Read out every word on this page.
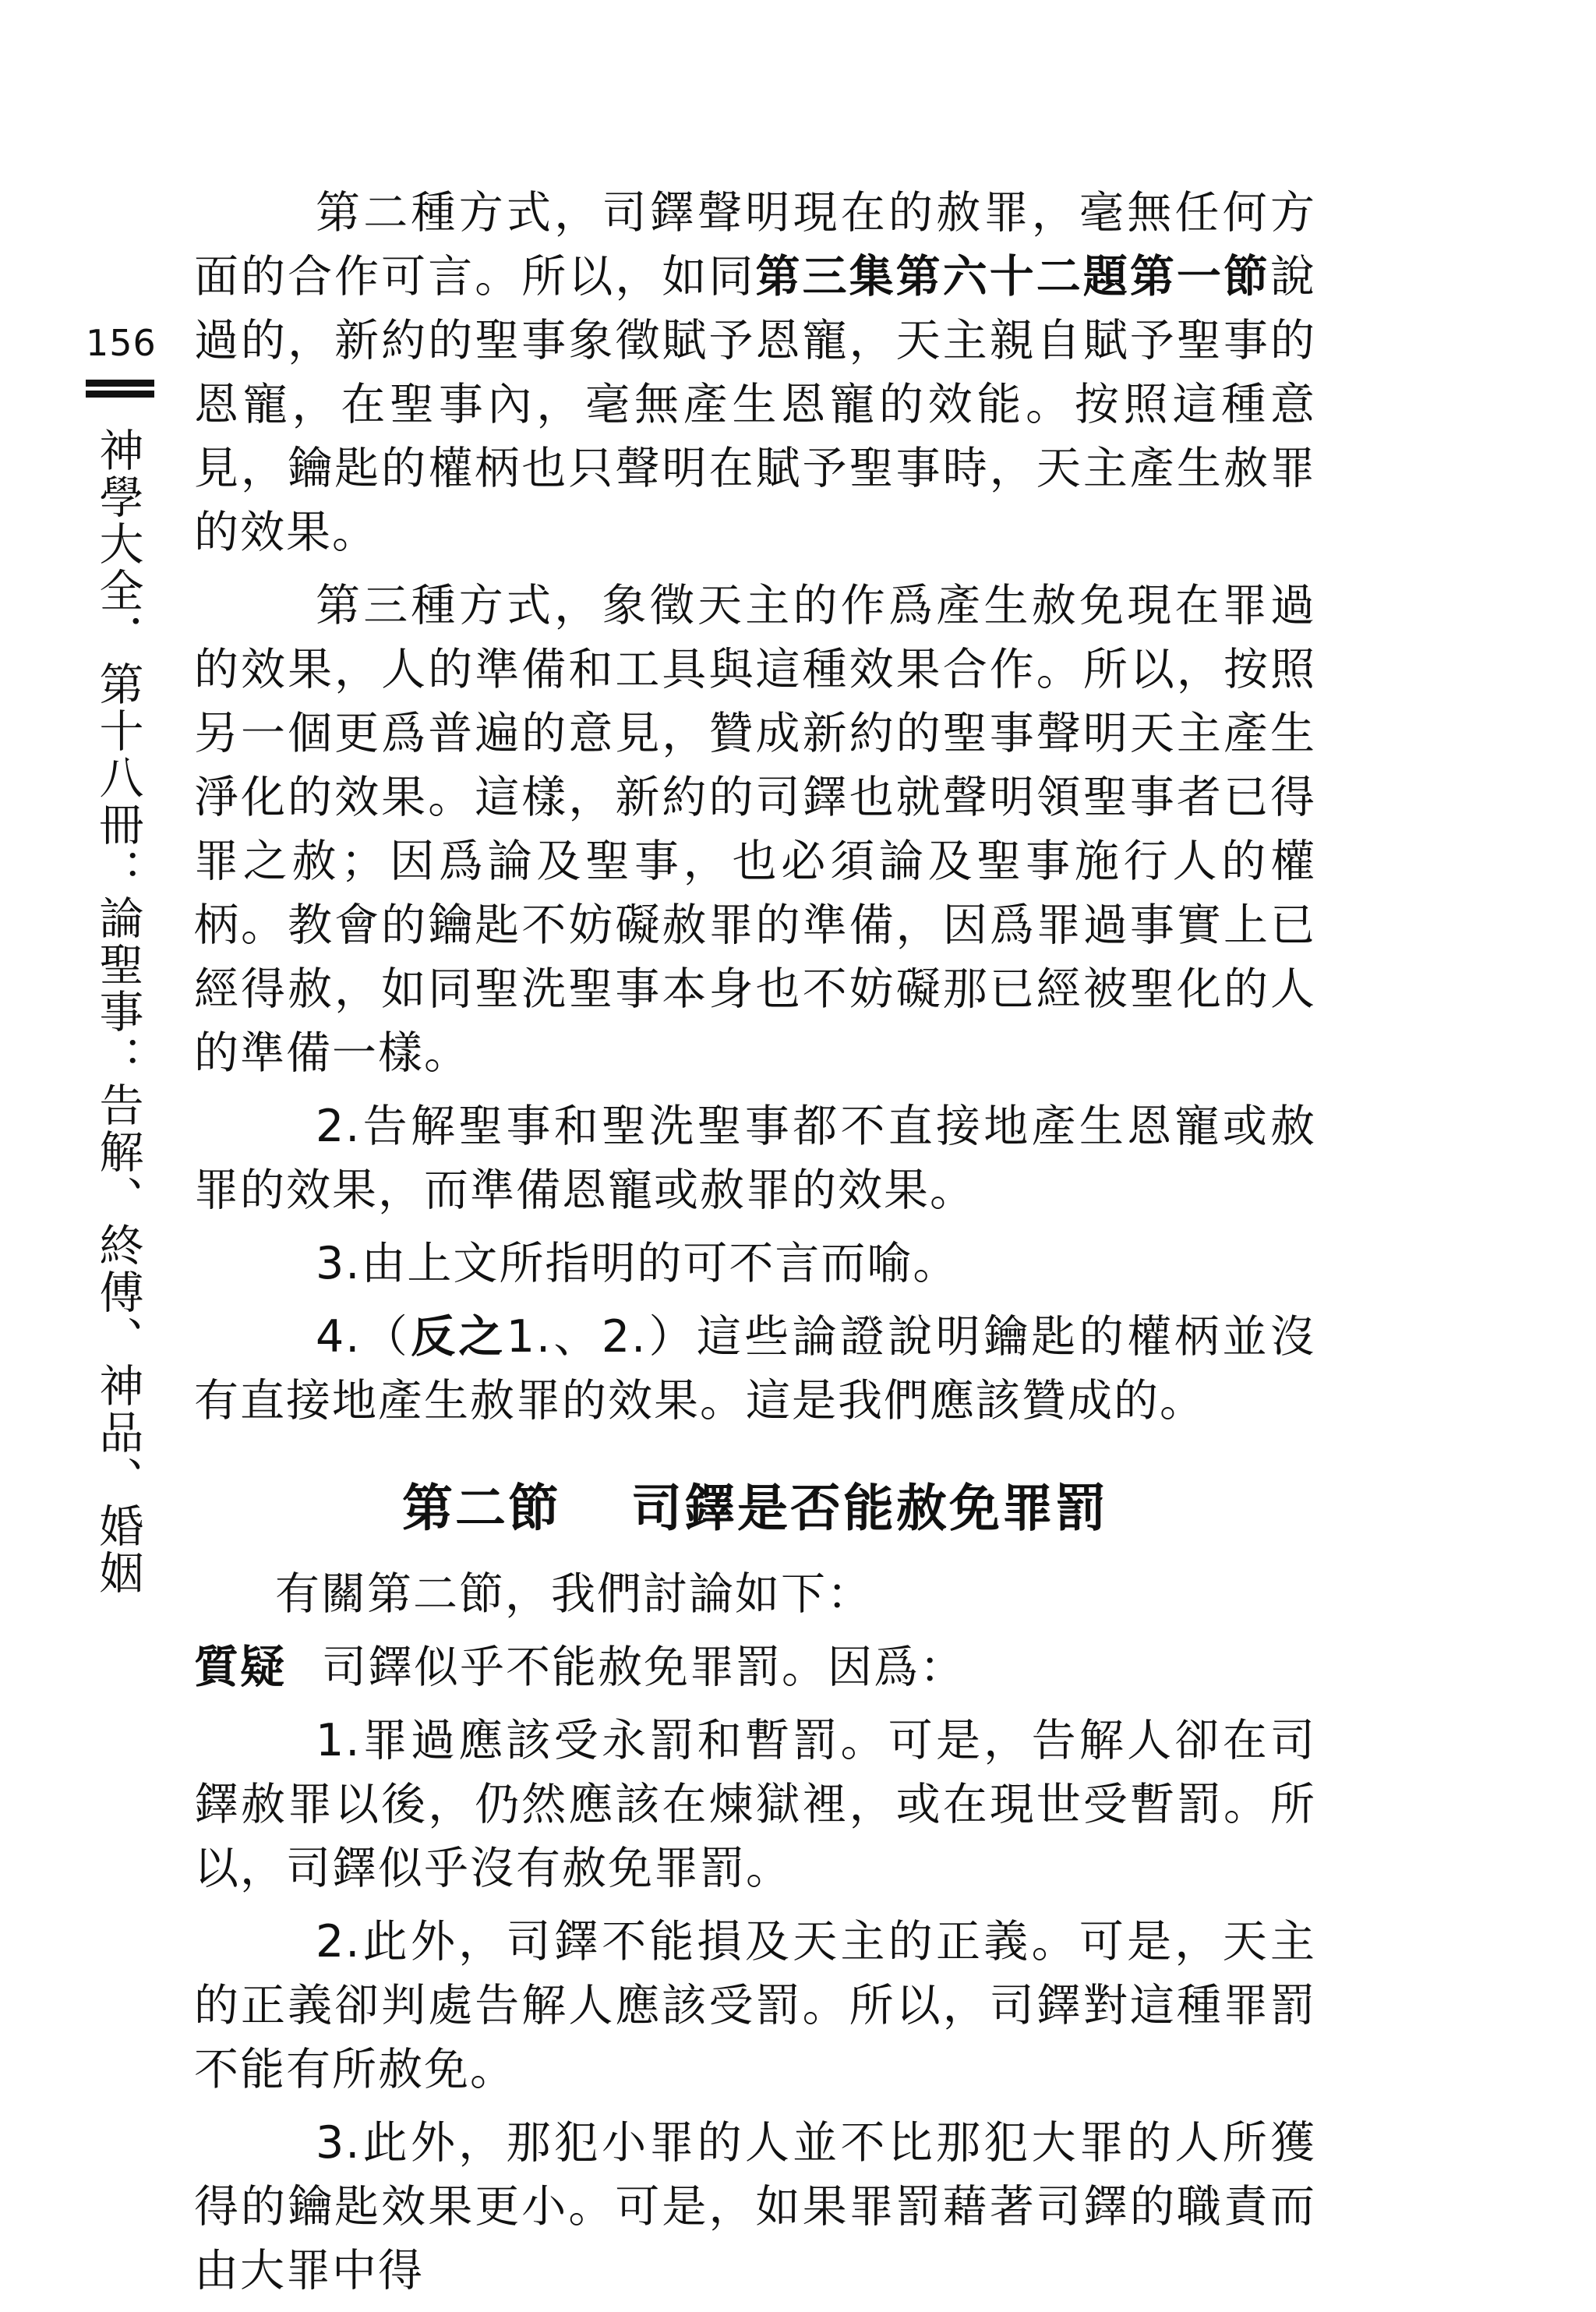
156
神學大全．第十八冊：論聖事：告解、終傅、神品、婚姻

第二種方式，司鐸聲明現在的赦罪，毫無任何方面的合作可言。所以，如同第三集第六十二題第一節說過的，新約的聖事象徵賦予恩寵，天主親自賦予聖事的恩寵，在聖事內，毫無產生恩寵的效能。按照這種意見，鑰匙的權柄也只聲明在賦予聖事時，天主產生赦罪的效果。

第三種方式，象徵天主的作爲產生赦免現在罪過的效果，人的準備和工具與這種效果合作。所以，按照另一個更爲普遍的意見，贊成新約的聖事聲明天主產生淨化的效果。這樣，新約的司鐸也就聲明領聖事者已得罪之赦；因爲論及聖事，也必須論及聖事施行人的權柄。教會的鑰匙不妨礙赦罪的準備，因爲罪過事實上已經得赦，如同聖洗聖事本身也不妨礙那已經被聖化的人的準備一樣。

2.告解聖事和聖洗聖事都不直接地產生恩寵或赦罪的效果，而準備恩寵或赦罪的效果。

3.由上文所指明的可不言而喻。

4.（反之1.、2.）這些論證說明鑰匙的權柄並沒有直接地產生赦罪的效果。這是我們應該贊成的。

第二節 司鐸是否能赦免罪罰

有關第二節，我們討論如下：

質疑 司鐸似乎不能赦免罪罰。因爲：

1.罪過應該受永罰和暫罰。可是，告解人卻在司鐸赦罪以後，仍然應該在煉獄裡，或在現世受暫罰。所以，司鐸似乎沒有赦免罪罰。

2.此外，司鐸不能損及天主的正義。可是，天主的正義卻判處告解人應該受罰。所以，司鐸對這種罪罰不能有所赦免。

3.此外，那犯小罪的人並不比那犯大罪的人所獲得的鑰匙效果更小。可是，如果罪罰藉著司鐸的職責而由大罪中得
